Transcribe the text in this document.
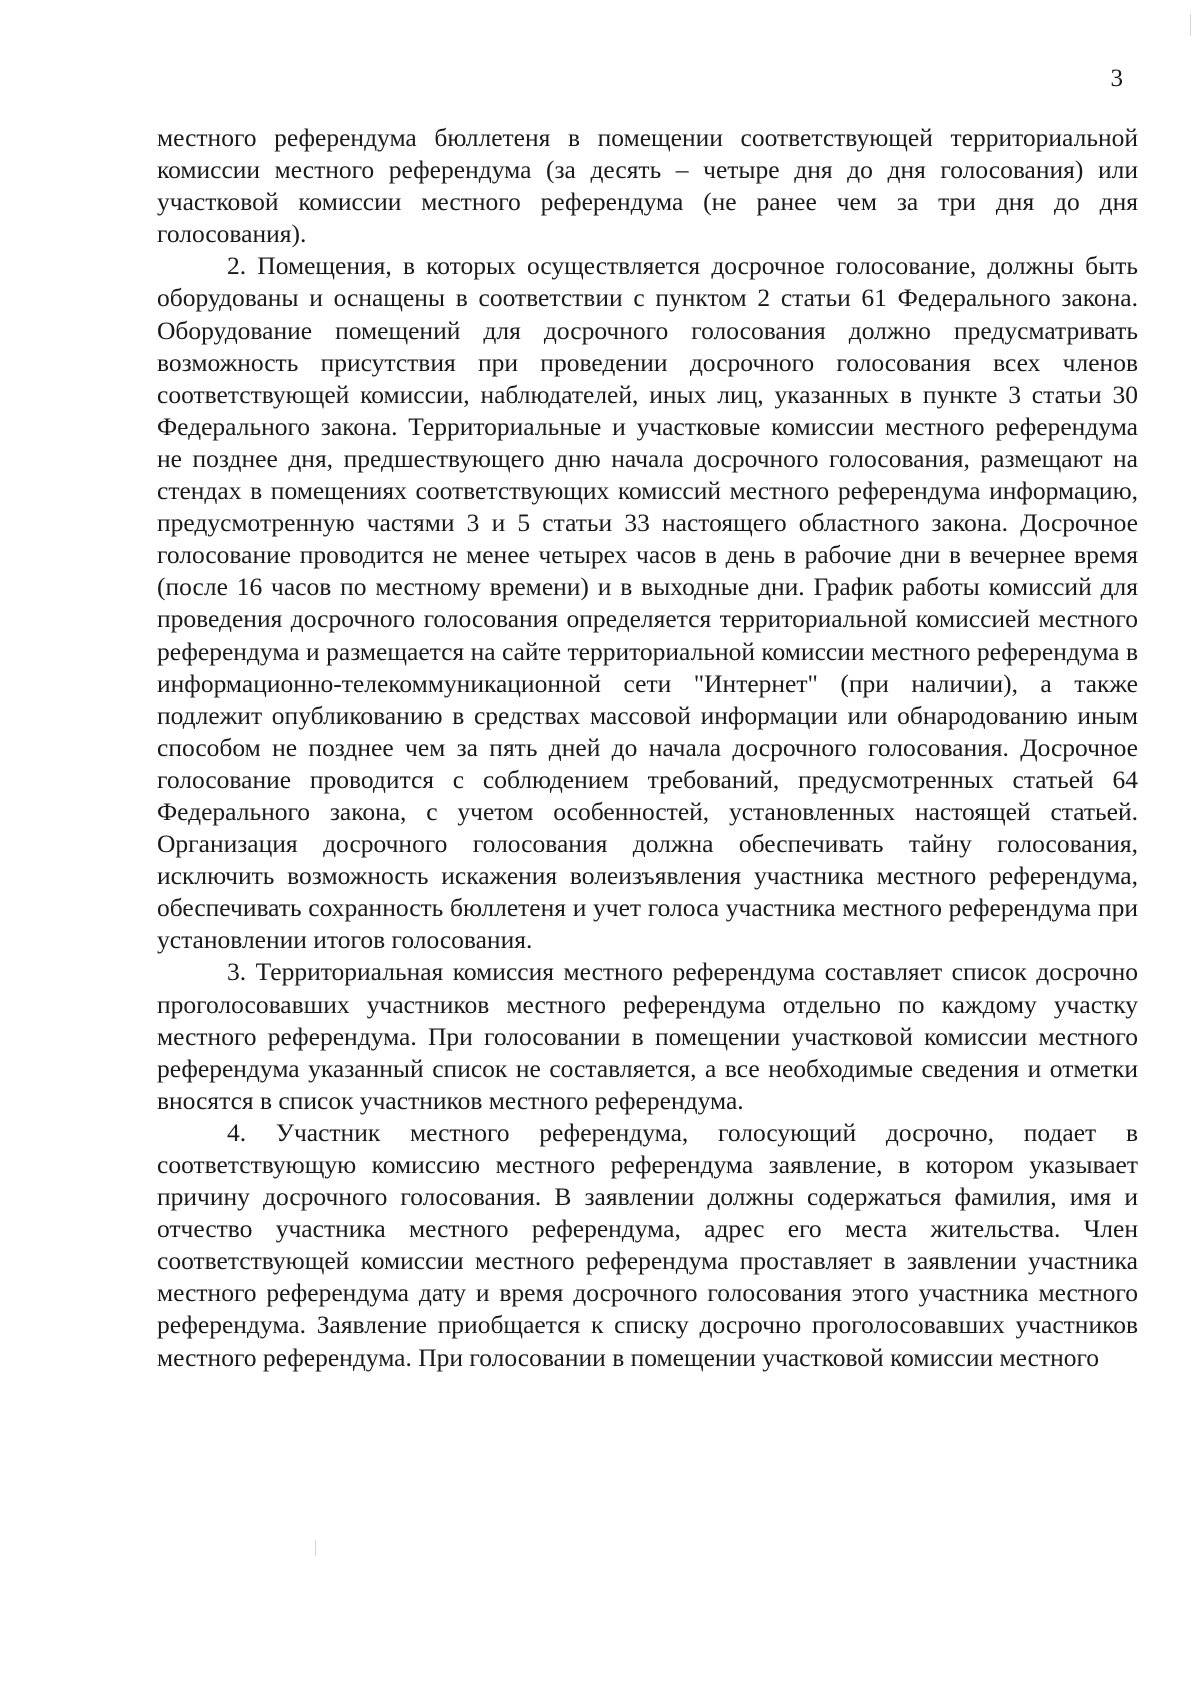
3

местного референдума бюллетеня в помещении соответствующей территориальной комиссии местного референдума (за десять – четыре дня до дня голосования) или участковой комиссии местного референдума (не ранее чем за три дня до дня голосования).

2. Помещения, в которых осуществляется досрочное голосование, должны быть оборудованы и оснащены в соответствии с пунктом 2 статьи 61 Федерального закона. Оборудование помещений для досрочного голосования должно предусматривать возможность присутствия при проведении досрочного голосования всех членов соответствующей комиссии, наблюдателей, иных лиц, указанных в пункте 3 статьи 30 Федерального закона. Территориальные и участковые комиссии местного референдума не позднее дня, предшествующего дню начала досрочного голосования, размещают на стендах в помещениях соответствующих комиссий местного референдума информацию, предусмотренную частями 3 и 5 статьи 33 настоящего областного закона. Досрочное голосование проводится не менее четырех часов в день в рабочие дни в вечернее время (после 16 часов по местному времени) и в выходные дни. График работы комиссий для проведения досрочного голосования определяется территориальной комиссией местного референдума и размещается на сайте территориальной комиссии местного референдума в информационно-телекоммуникационной сети "Интернет" (при наличии), а также подлежит опубликованию в средствах массовой информации или обнародованию иным способом не позднее чем за пять дней до начала досрочного голосования. Досрочное голосование проводится с соблюдением требований, предусмотренных статьей 64 Федерального закона, с учетом особенностей, установленных настоящей статьей. Организация досрочного голосования должна обеспечивать тайну голосования, исключить возможность искажения волеизъявления участника местного референдума, обеспечивать сохранность бюллетеня и учет голоса участника местного референдума при установлении итогов голосования.

3. Территориальная комиссия местного референдума составляет список досрочно проголосовавших участников местного референдума отдельно по каждому участку местного референдума. При голосовании в помещении участковой комиссии местного референдума указанный список не составляется, а все необходимые сведения и отметки вносятся в список участников местного референдума.

4. Участник местного референдума, голосующий досрочно, подает в соответствующую комиссию местного референдума заявление, в котором указывает причину досрочного голосования. В заявлении должны содержаться фамилия, имя и отчество участника местного референдума, адрес его места жительства. Член соответствующей комиссии местного референдума проставляет в заявлении участника местного референдума дату и время досрочного голосования этого участника местного референдума. Заявление приобщается к списку досрочно проголосовавших участников местного референдума. При голосовании в помещении участковой комиссии местного
